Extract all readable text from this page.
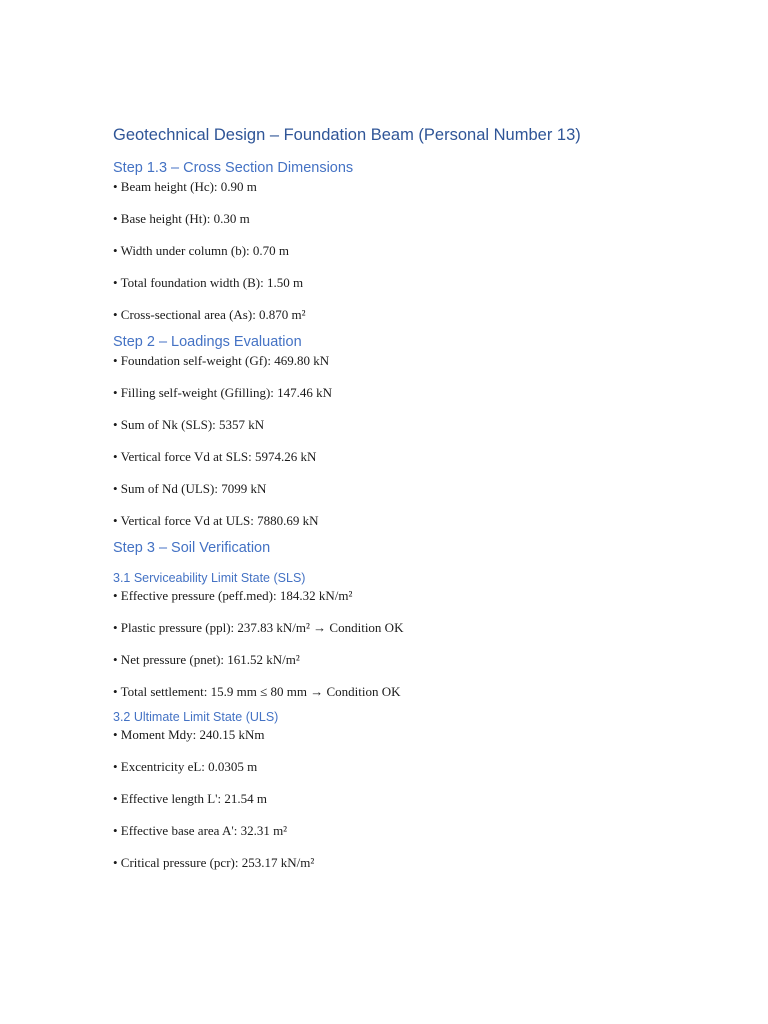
Geotechnical Design – Foundation Beam (Personal Number 13)
Step 1.3 – Cross Section Dimensions
• Beam height (Hc): 0.90 m
• Base height (Ht): 0.30 m
• Width under column (b): 0.70 m
• Total foundation width (B): 1.50 m
• Cross-sectional area (As): 0.870 m²
Step 2 – Loadings Evaluation
• Foundation self-weight (Gf): 469.80 kN
• Filling self-weight (Gfilling): 147.46 kN
• Sum of Nk (SLS): 5357 kN
• Vertical force Vd at SLS: 5974.26 kN
• Sum of Nd (ULS): 7099 kN
• Vertical force Vd at ULS: 7880.69 kN
Step 3 – Soil Verification
3.1 Serviceability Limit State (SLS)
• Effective pressure (peff.med): 184.32 kN/m²
• Plastic pressure (ppl): 237.83 kN/m² → Condition OK
• Net pressure (pnet): 161.52 kN/m²
• Total settlement: 15.9 mm ≤ 80 mm → Condition OK
3.2 Ultimate Limit State (ULS)
• Moment Mdy: 240.15 kNm
• Excentricity eL: 0.0305 m
• Effective length L': 21.54 m
• Effective base area A': 32.31 m²
• Critical pressure (pcr): 253.17 kN/m²
